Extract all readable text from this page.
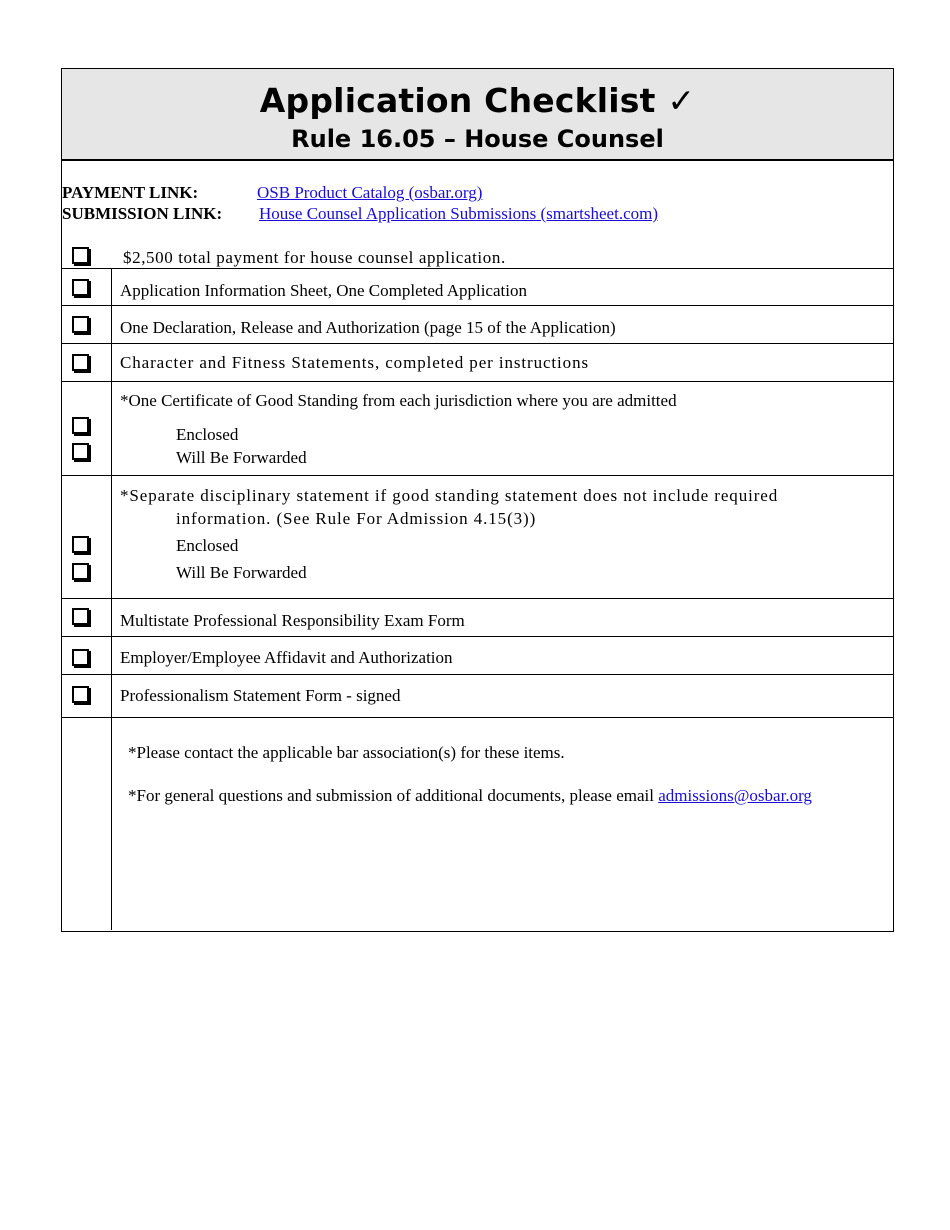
Application Checklist ✓
Rule 16.05 – House Counsel
PAYMENT LINK:	OSB Product Catalog (osbar.org)
SUBMISSION LINK: House Counsel Application Submissions (smartsheet.com)
$2,500 total payment for house counsel application.
Application Information Sheet, One Completed Application
One Declaration, Release and Authorization (page 15 of the Application)
Character and Fitness Statements, completed per instructions
*One Certificate of Good Standing from each jurisdiction where you are admitted
Enclosed
Will Be Forwarded
*Separate disciplinary statement if good standing statement does not include required
information. (See Rule For Admission 4.15(3))
Enclosed
Will Be Forwarded
Multistate Professional Responsibility Exam Form
Employer/Employee Affidavit and Authorization
Professionalism Statement Form - signed
*Please contact the applicable bar association(s) for these items.
*For general questions and submission of additional documents, please email admissions@osbar.org
